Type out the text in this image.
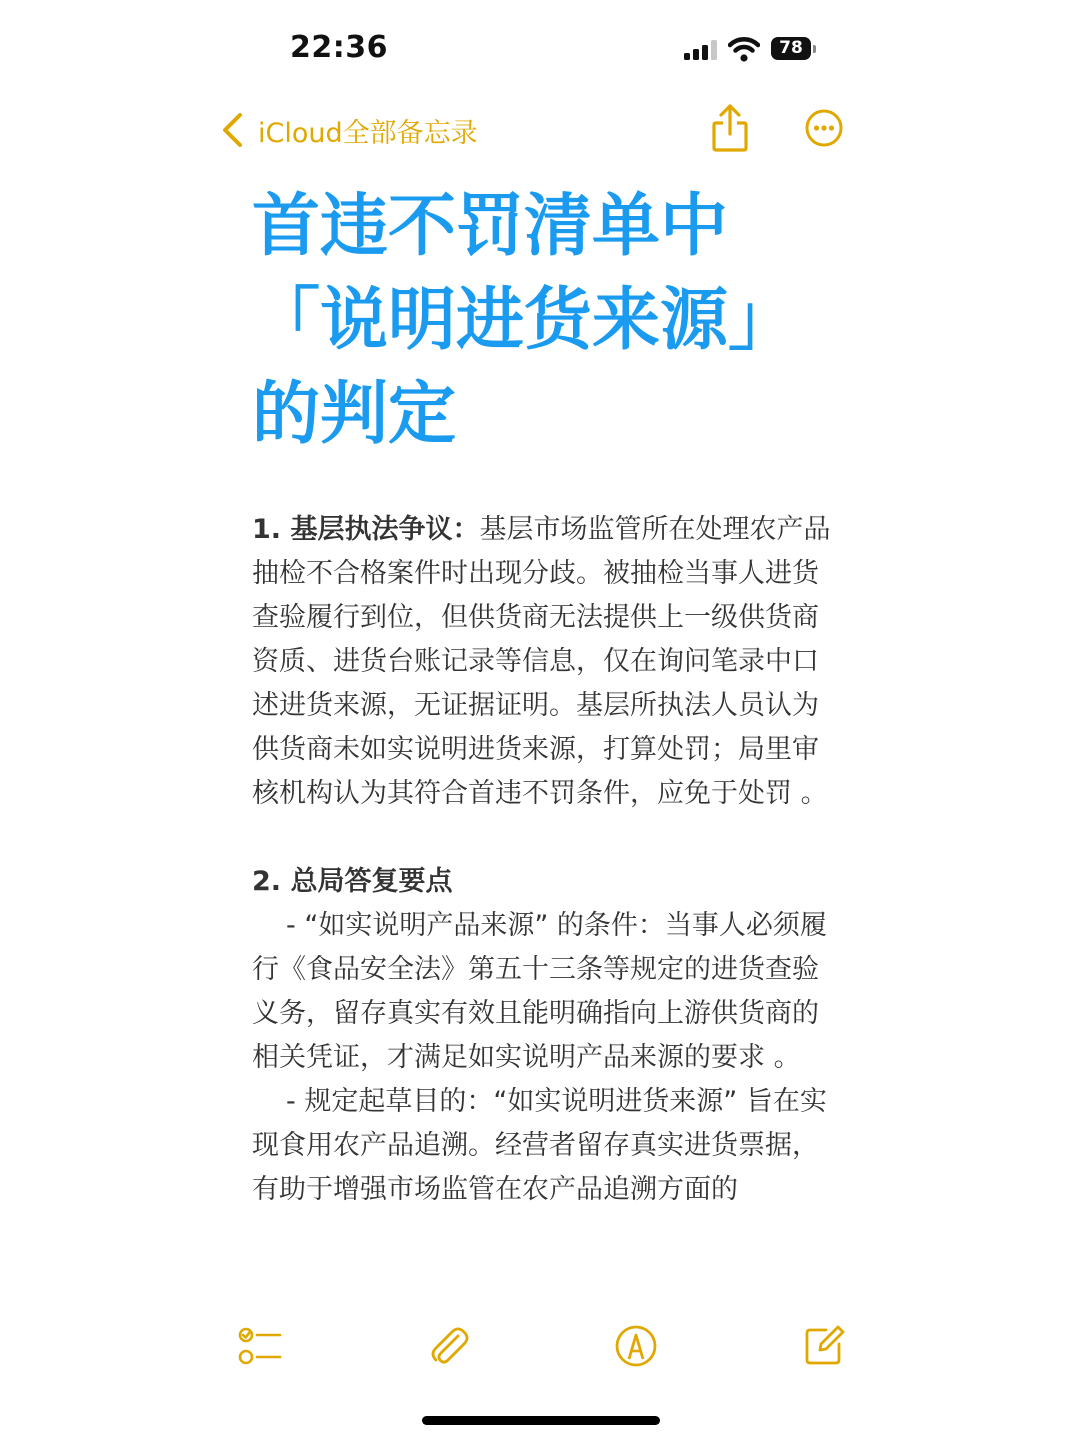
22:36	78
iCloud全部备忘录
首违不罚清单中「说明进货来源」的判定

1. 基层执法争议：基层市场监管所在处理农产品抽检不合格案件时出现分歧。被抽检当事人进货查验履行到位，但供货商无法提供上一级供货商资质、进货台账记录等信息，仅在询问笔录中口述进货来源，无证据证明。基层所执法人员认为供货商未如实说明进货来源，打算处罚；局里审核机构认为其符合首违不罚条件，应免于处罚 。

2. 总局答复要点

- “如实说明产品来源” 的条件：当事人必须履行《食品安全法》第五十三条等规定的进货查验义务，留存真实有效且能明确指向上游供货商的相关凭证，才满足如实说明产品来源的要求 。

- 规定起草目的：“如实说明进货来源” 旨在实现食用农产品追溯。经营者留存真实进货票据，有助于增强市场监管在农产品追溯方面的
